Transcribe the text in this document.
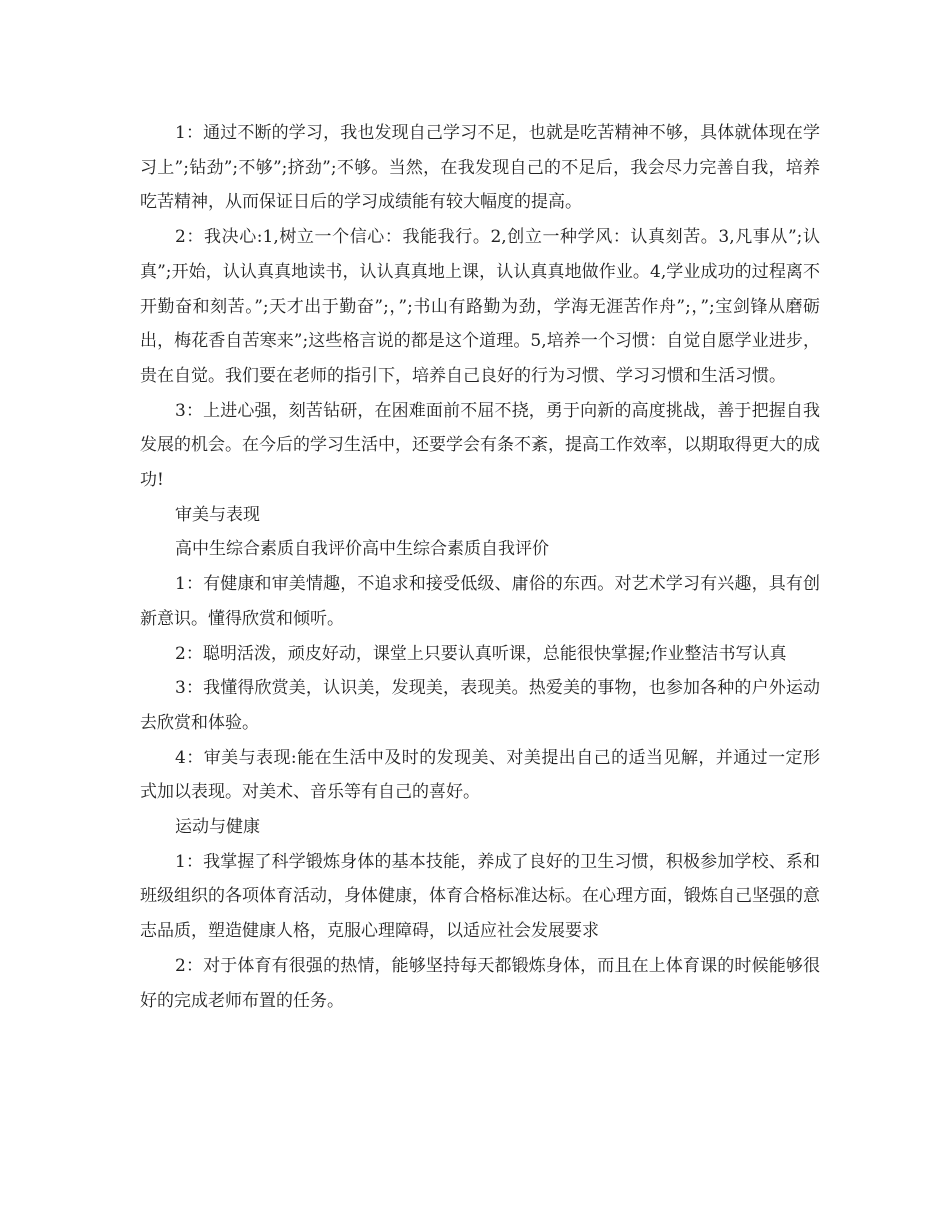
1：通过不断的学习，我也发现自己学习不足，也就是吃苦精神不够，具体就体现在学习上”;钻劲”;不够”;挤劲”;不够。当然，在我发现自己的不足后，我会尽力完善自我，培养吃苦精神，从而保证日后的学习成绩能有较大幅度的提高。

2：我决心:1,树立一个信心：我能我行。2,创立一种学风：认真刻苦。3,凡事从”;认真”;开始，认认真真地读书，认认真真地上课，认认真真地做作业。4,学业成功的过程离不开勤奋和刻苦。”;天才出于勤奋”;，”;书山有路勤为劲，学海无涯苦作舟”;，”;宝剑锋从磨砺出，梅花香自苦寒来”;这些格言说的都是这个道理。5,培养一个习惯：自觉自愿学业进步，贵在自觉。我们要在老师的指引下，培养自己良好的行为习惯、学习习惯和生活习惯。

3：上进心强，刻苦钻研，在困难面前不屈不挠，勇于向新的高度挑战，善于把握自我发展的机会。在今后的学习生活中，还要学会有条不紊，提高工作效率，以期取得更大的成功!

审美与表现

高中生综合素质自我评价高中生综合素质自我评价

1：有健康和审美情趣，不追求和接受低级、庸俗的东西。对艺术学习有兴趣，具有创新意识。懂得欣赏和倾听。

2：聪明活泼，顽皮好动，课堂上只要认真听课，总能很快掌握;作业整洁书写认真

3：我懂得欣赏美，认识美，发现美，表现美。热爱美的事物，也参加各种的户外运动去欣赏和体验。

4：审美与表现:能在生活中及时的发现美、对美提出自己的适当见解，并通过一定形式加以表现。对美术、音乐等有自己的喜好。

运动与健康

1：我掌握了科学锻炼身体的基本技能，养成了良好的卫生习惯，积极参加学校、系和班级组织的各项体育活动，身体健康，体育合格标准达标。在心理方面，锻炼自己坚强的意志品质，塑造健康人格，克服心理障碍，以适应社会发展要求

2：对于体育有很强的热情，能够坚持每天都锻炼身体，而且在上体育课的时候能够很好的完成老师布置的任务。
